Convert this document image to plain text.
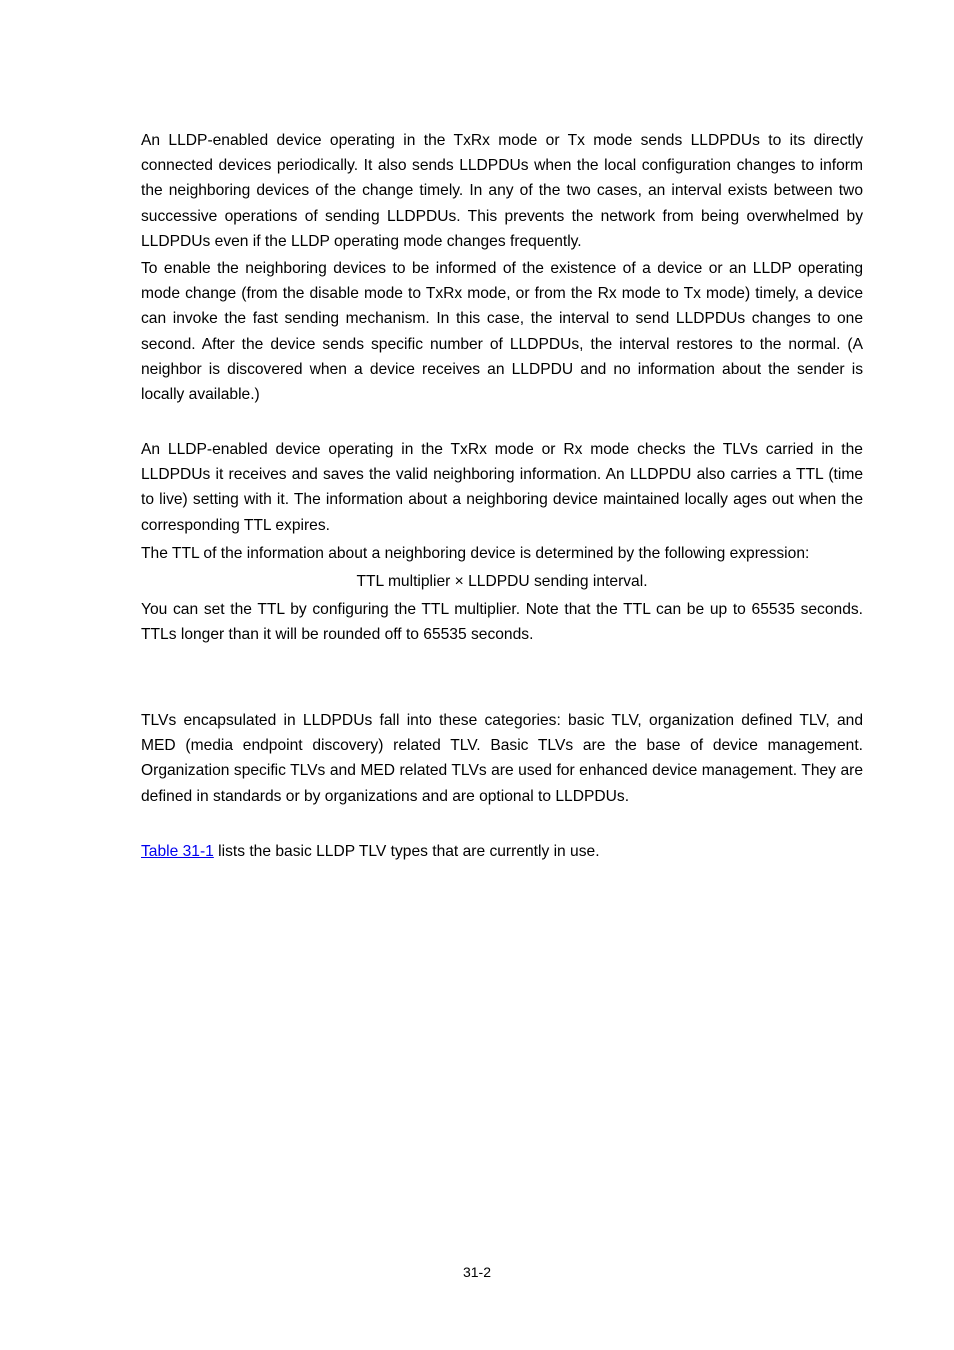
An LLDP-enabled device operating in the TxRx mode or Tx mode sends LLDPDUs to its directly connected devices periodically. It also sends LLDPDUs when the local configuration changes to inform the neighboring devices of the change timely. In any of the two cases, an interval exists between two successive operations of sending LLDPDUs. This prevents the network from being overwhelmed by LLDPDUs even if the LLDP operating mode changes frequently.

To enable the neighboring devices to be informed of the existence of a device or an LLDP operating mode change (from the disable mode to TxRx mode, or from the Rx mode to Tx mode) timely, a device can invoke the fast sending mechanism. In this case, the interval to send LLDPDUs changes to one second. After the device sends specific number of LLDPDUs, the interval restores to the normal. (A neighbor is discovered when a device receives an LLDPDU and no information about the sender is locally available.)

An LLDP-enabled device operating in the TxRx mode or Rx mode checks the TLVs carried in the LLDPDUs it receives and saves the valid neighboring information. An LLDPDU also carries a TTL (time to live) setting with it. The information about a neighboring device maintained locally ages out when the corresponding TTL expires.

The TTL of the information about a neighboring device is determined by the following expression:

TTL multiplier × LLDPDU sending interval.

You can set the TTL by configuring the TTL multiplier. Note that the TTL can be up to 65535 seconds. TTLs longer than it will be rounded off to 65535 seconds.

TLVs encapsulated in LLDPDUs fall into these categories: basic TLV, organization defined TLV, and MED (media endpoint discovery) related TLV. Basic TLVs are the base of device management. Organization specific TLVs and MED related TLVs are used for enhanced device management. They are defined in standards or by organizations and are optional to LLDPDUs.

Table 31-1 lists the basic LLDP TLV types that are currently in use.

31-2
